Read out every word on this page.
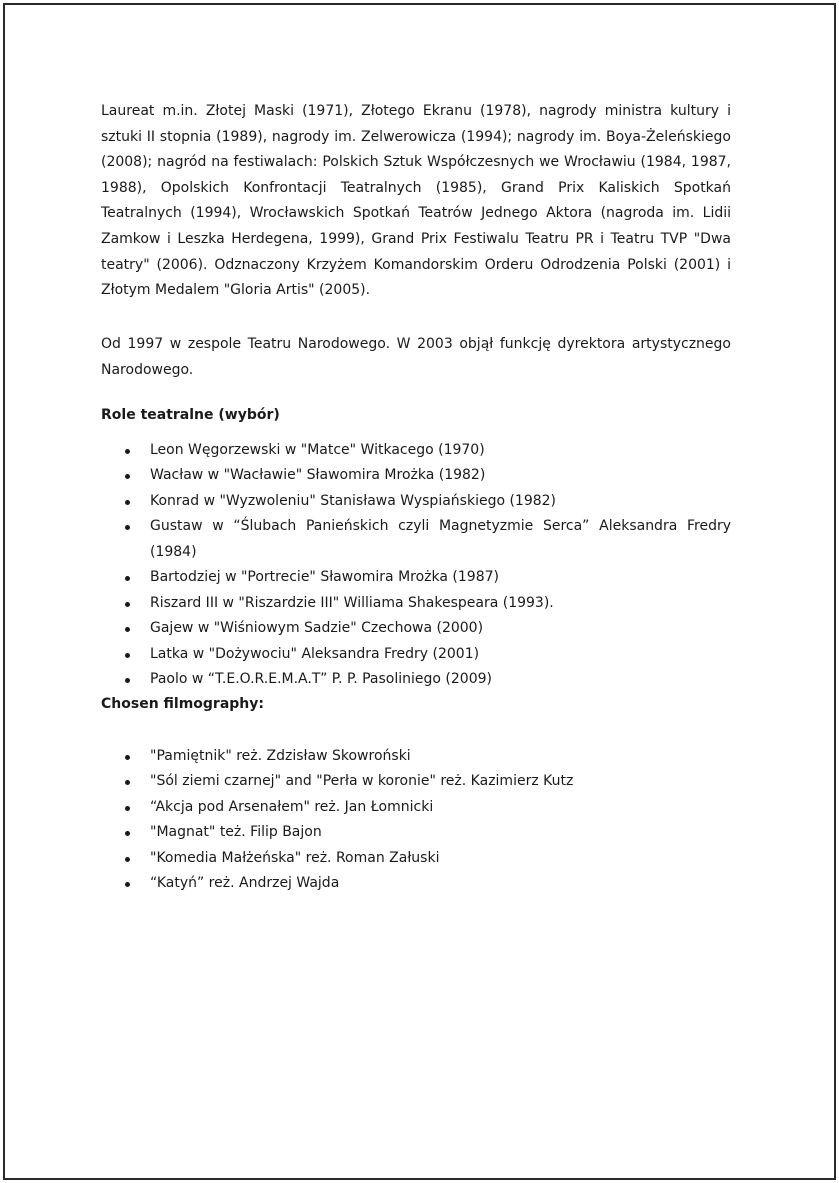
Laureat m.in. Złotej Maski (1971), Złotego Ekranu (1978), nagrody ministra kultury i sztuki II stopnia (1989), nagrody im. Zelwerowicza (1994); nagrody im. Boya-Żeleńskiego (2008); nagród na festiwalach: Polskich Sztuk Współczesnych we Wrocławiu (1984, 1987, 1988), Opolskich Konfrontacji Teatralnych (1985), Grand Prix Kaliskich Spotkań Teatralnych (1994), Wrocławskich Spotkań Teatrów Jednego Aktora (nagroda im. Lidii Zamkow i Leszka Herdegena, 1999), Grand Prix Festiwalu Teatru PR i Teatru TVP "Dwa teatry" (2006). Odznaczony Krzyżem Komandorskim Orderu Odrodzenia Polski (2001) i Złotym Medalem "Gloria Artis" (2005).

Od 1997 w zespole Teatru Narodowego. W 2003 objął funkcję dyrektora artystycznego Narodowego.

Role teatralne (wybór)
Leon Węgorzewski w "Matce" Witkacego (1970)
Wacław w "Wacławie" Sławomira Mrożka (1982)
Konrad w "Wyzwoleniu" Stanisława Wyspiańskiego (1982)
Gustaw w “Ślubach Panieńskich czyli Magnetyzmie Serca” Aleksandra Fredry (1984)
Bartodziej w "Portrecie" Sławomira Mrożka (1987)
Riszard III w "Riszardzie III" Williama Shakespeara (1993).
Gajew w "Wiśniowym Sadzie" Czechowa (2000)
Latka w "Dożywociu" Aleksandra Fredry (2001)
Paolo w “T.E.O.R.E.M.A.T” P. P. Pasoliniego (2009)
Chosen filmography:
"Pamiętnik" reż. Zdzisław Skowroński
"Sól ziemi czarnej" and "Perła w koronie" reż. Kazimierz Kutz
“Akcja pod Arsenałem" reż. Jan Łomnicki
"Magnat" też. Filip Bajon
"Komedia Małżeńska" reż. Roman Załuski
“Katyń” reż. Andrzej Wajda
